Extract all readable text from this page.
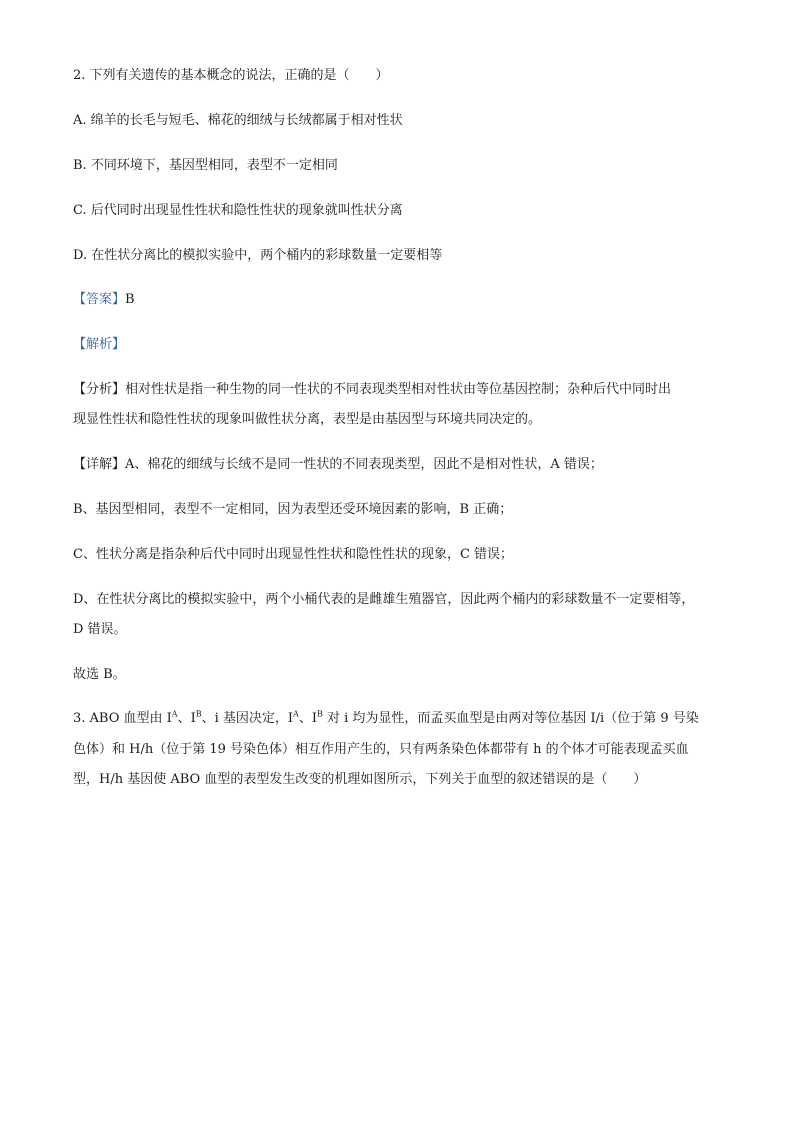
2. 下列有关遗传的基本概念的说法，正确的是（　　）
A. 绵羊的长毛与短毛、棉花的细绒与长绒都属于相对性状
B. 不同环境下，基因型相同，表型不一定相同
C. 后代同时出现显性性状和隐性性状的现象就叫性状分离
D. 在性状分离比的模拟实验中，两个桶内的彩球数量一定要相等
【答案】B
【解析】
【分析】相对性状是指一种生物的同一性状的不同表现类型相对性状由等位基因控制；杂种后代中同时出
现显性性状和隐性性状的现象叫做性状分离，表型是由基因型与环境共同决定的。
【详解】A、棉花的细绒与长绒不是同一性状的不同表现类型，因此不是相对性状，A 错误；
B、基因型相同，表型不一定相同，因为表型还受环境因素的影响，B 正确；
C、性状分离是指杂种后代中同时出现显性性状和隐性性状的现象，C 错误；
D、在性状分离比的模拟实验中，两个小桶代表的是雌雄生殖器官，因此两个桶内的彩球数量不一定要相等，
D 错误。
故选 B。
3. ABO 血型由 $I^A$、$I^B$、i 基因决定，$I^A$、$I^B$ 对 i 均为显性，而孟买血型是由两对等位基因 I/i（位于第 9 号染
色体）和 H/h（位于第 19 号染色体）相互作用产生的，只有两条染色体都带有 h 的个体才可能表现孟买血
型，H/h 基因使 ABO 血型的表型发生改变的机理如图所示，下列关于血型的叙述错误的是（　　）
